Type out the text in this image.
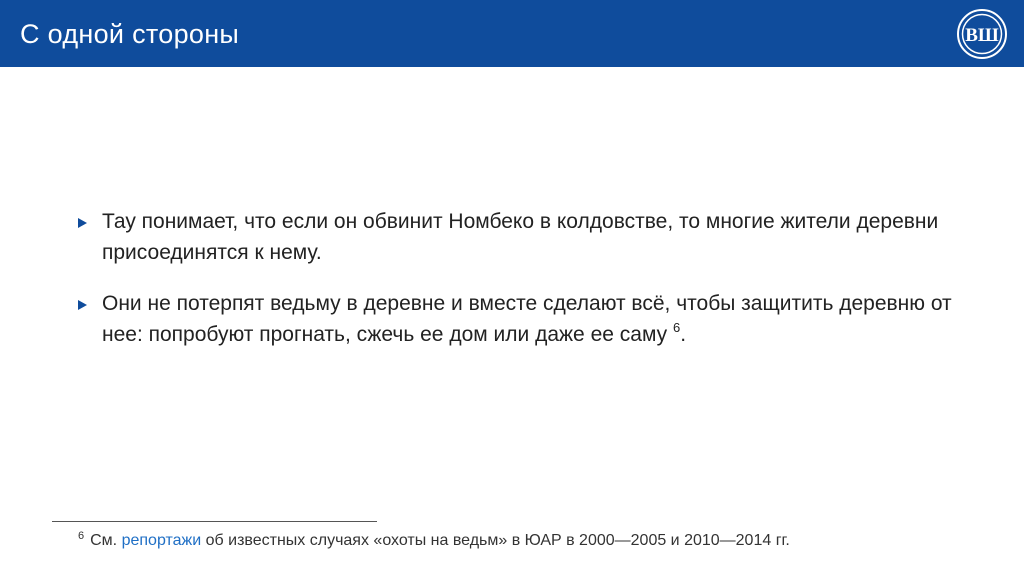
С одной стороны	ВШ
Тау понимает, что если он обвинит Номбеко в колдовстве, то многие жители деревни присоединятся к нему.
Они не потерпят ведьму в деревне и вместе сделают всё, чтобы защитить деревню от нее: попробуют прогнать, сжечь ее дом или даже ее саму $^6$.
$^6$ См. репортажи об известных случаях «охоты на ведьм» в ЮАР в 2000—2005 и 2010—2014 гг.
